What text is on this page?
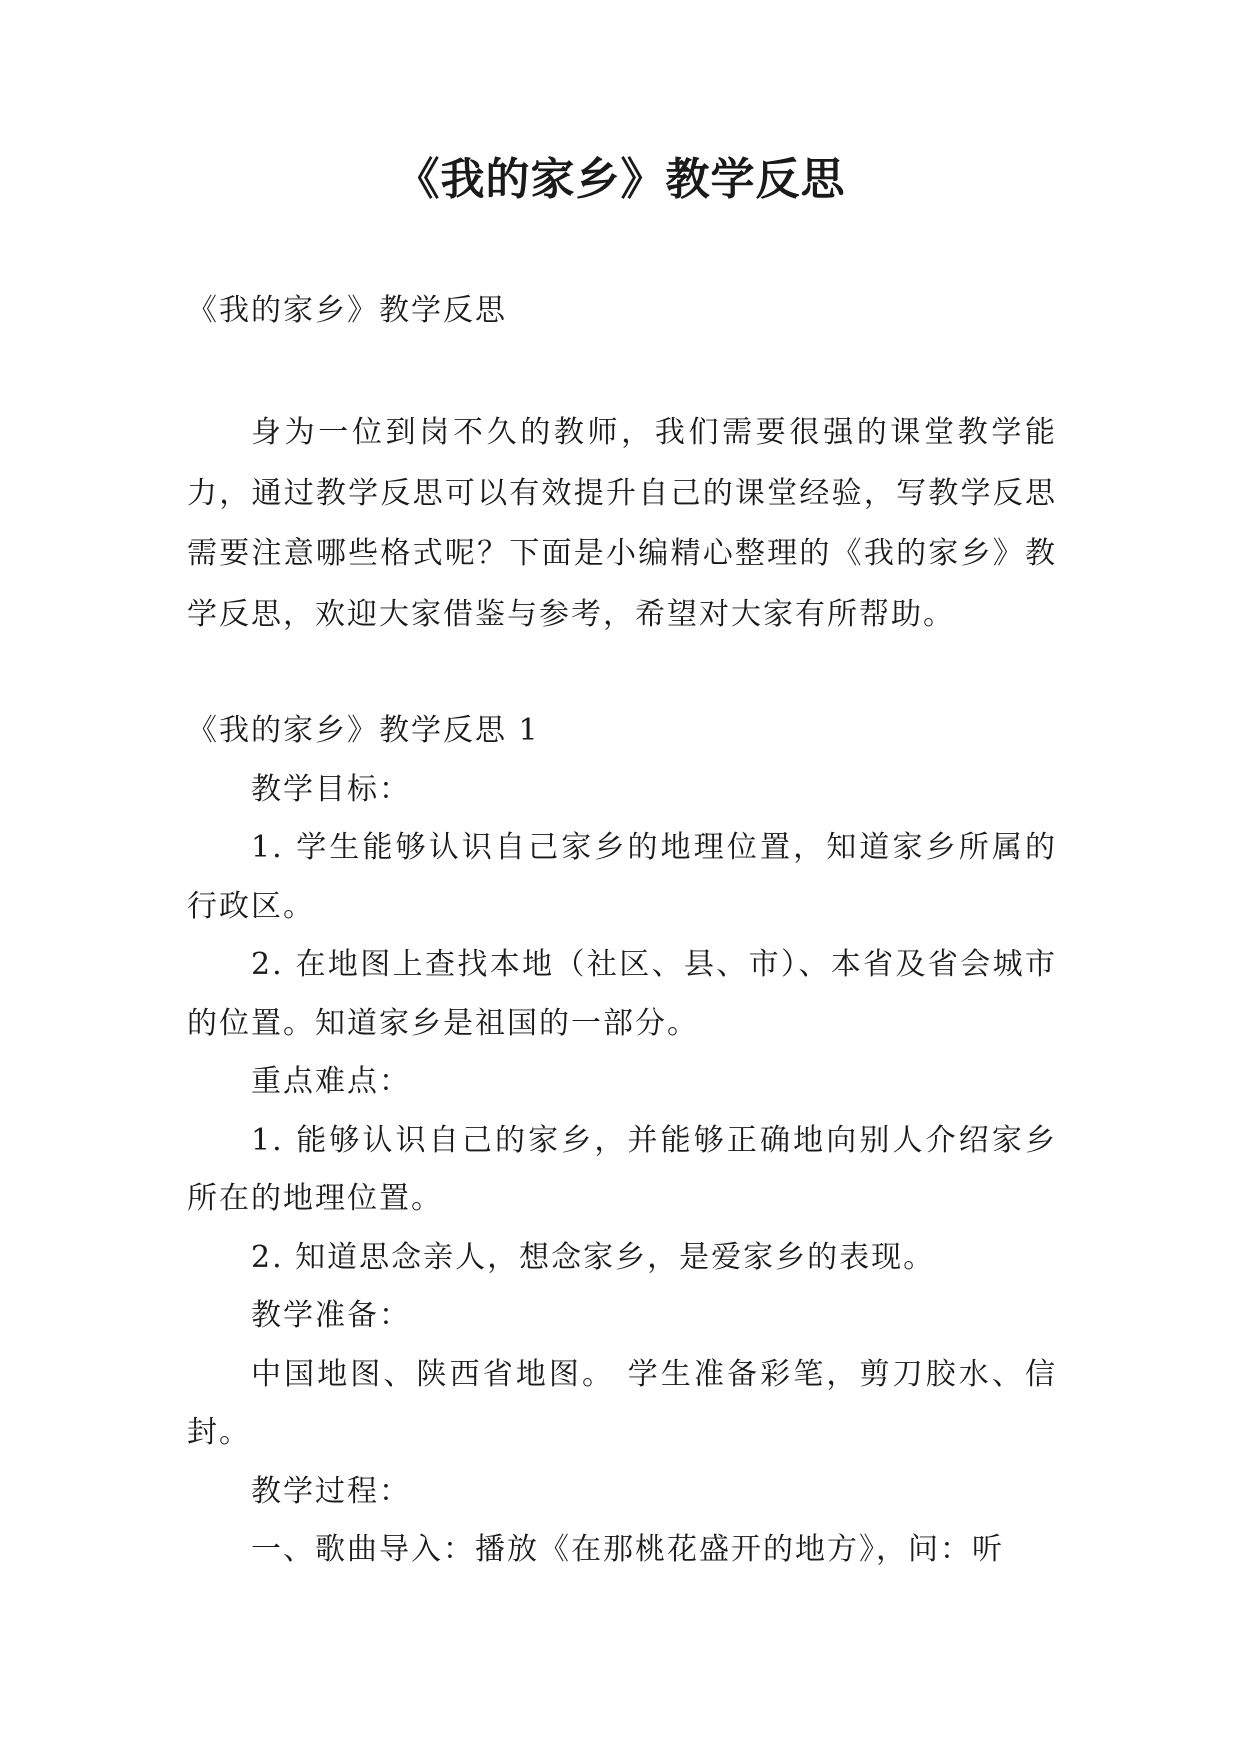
《我的家乡》教学反思
《我的家乡》教学反思

身为一位到岗不久的教师，我们需要很强的课堂教学能力，通过教学反思可以有效提升自己的课堂经验，写教学反思需要注意哪些格式呢？下面是小编精心整理的《我的家乡》教学反思，欢迎大家借鉴与参考，希望对大家有所帮助。

《我的家乡》教学反思 1

教学目标：

1. 学生能够认识自己家乡的地理位置，知道家乡所属的行政区。

2. 在地图上查找本地（社区、县、市）、本省及省会城市的位置。知道家乡是祖国的一部分。

重点难点：

1. 能够认识自己的家乡，并能够正确地向别人介绍家乡所在的地理位置。

2. 知道思念亲人，想念家乡，是爱家乡的表现。

教学准备：

中国地图、陕西省地图。 学生准备彩笔，剪刀胶水、信封。

教学过程：

一、歌曲导入：播放《在那桃花盛开的地方》，问：听
